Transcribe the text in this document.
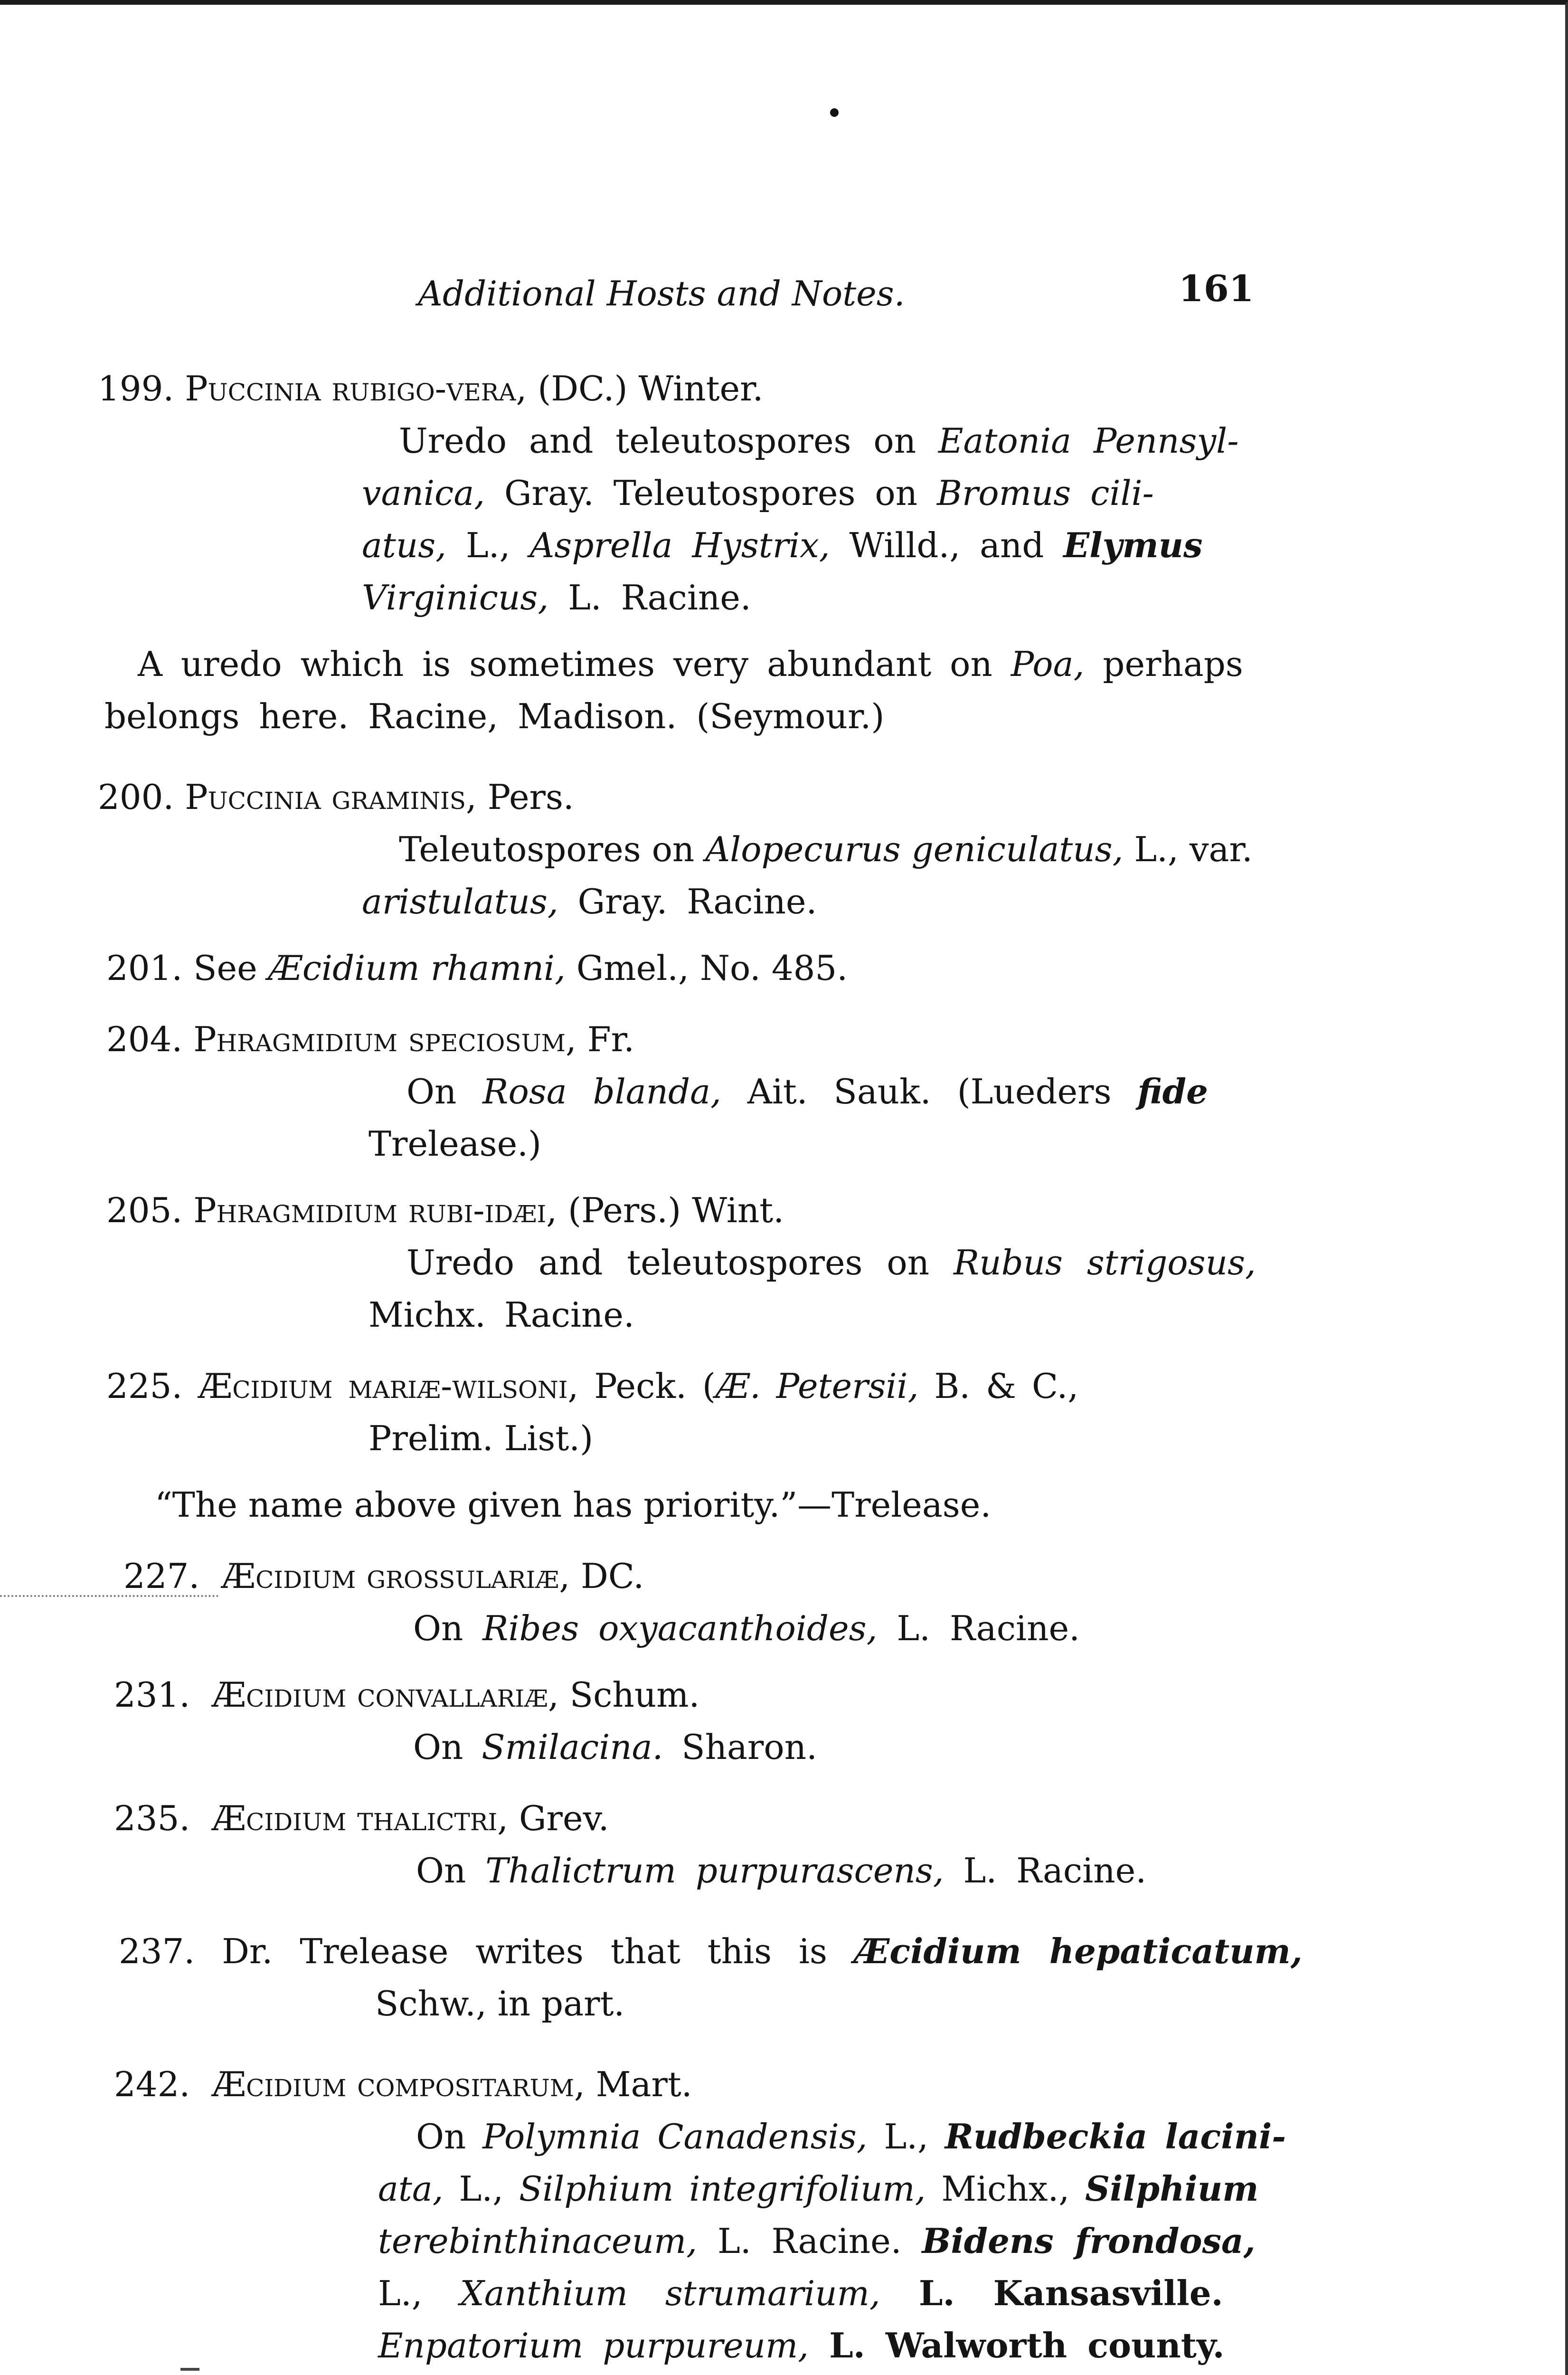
Additional Hosts and Notes.	161
199. Puccinia rubigo-vera, (DC.) Winter.
Uredo and teleutospores on Eatonia Pennsyl-
vanica, Gray. Teleutospores on Bromus cili-
atus, L., Asprella Hystrix, Willd., and Elymus
Virginicus, L. Racine.
A uredo which is sometimes very abundant on Poa, perhaps
belongs here. Racine, Madison. (Seymour.)
200. Puccinia graminis, Pers.
Teleutospores on Alopecurus geniculatus, L., var.
aristulatus, Gray. Racine.
201. See Æcidium rhamni, Gmel., No. 485.
204. Phragmidium speciosum, Fr.
On Rosa blanda, Ait. Sauk. (Lueders fide
Trelease.)
205. Phragmidium rubi-idæi, (Pers.) Wint.
Uredo and teleutospores on Rubus strigosus,
Michx. Racine.
225. Æcidium mariæ-wilsoni, Peck. (Æ. Petersii, B. & C.,
Prelim. List.)
“The name above given has priority.”—Trelease.
227. Æcidium grossulariæ, DC.
On Ribes oxyacanthoides, L. Racine.
231. Æcidium convallariæ, Schum.
On Smilacina. Sharon.
235. Æcidium thalictri, Grev.
On Thalictrum purpurascens, L. Racine.
237. Dr. Trelease writes that this is Æcidium hepaticatum,
Schw., in part.
242. Æcidium compositarum, Mart.
On Polymnia Canadensis, L., Rudbeckia lacini-
ata, L., Silphium integrifolium, Michx., Silphium
terebinthinaceum, L. Racine. Bidens frondosa,
L., Xanthium strumarium, L. Kansasville.
Enpatorium purpureum, L. Walworth county.
